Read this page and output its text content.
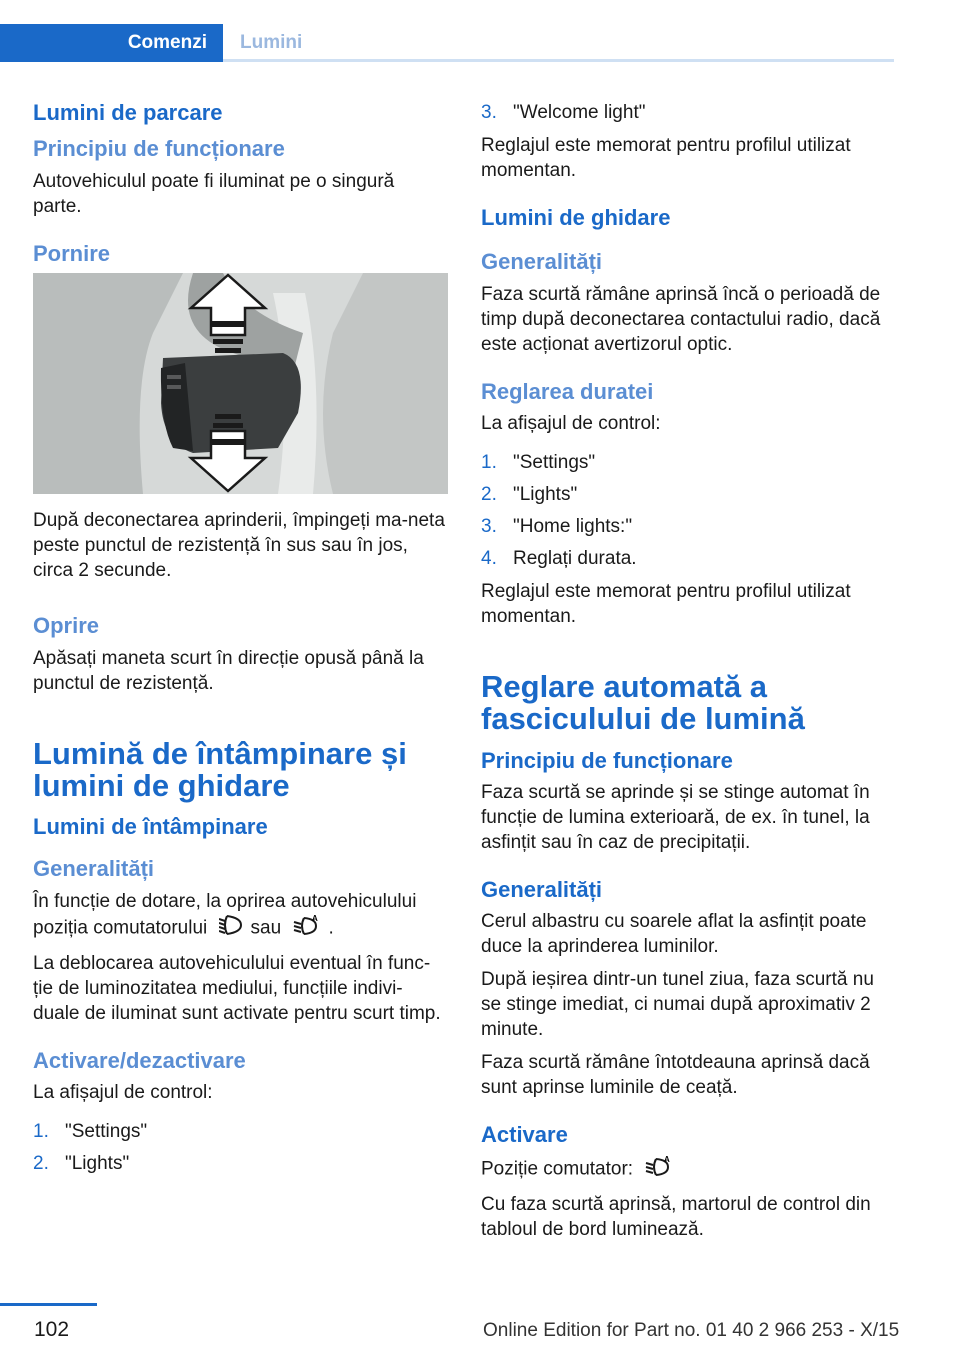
Comenzi	Lumini
Lumini de parcare
Principiu de funcționare

Autovehiculul poate fi iluminat pe o singură parte.

Pornire

După deconectarea aprinderii, împingeți ma‐neta peste punctul de rezistență în sus sau în jos, circa 2 secunde.

Oprire

Apăsați maneta scurt în direcție opusă până la punctul de rezistență.

Lumină de întâmpinare și lumini de ghidare
Lumini de întâmpinare
Generalități

În funcție de dotare, la oprirea autovehiculului poziția comutatorului sau	A .

La deblocarea autovehiculului eventual în func‐ție de luminozitatea mediului, funcțiile indivi‐duale de iluminat sunt activate pentru scurt timp.

Activare/dezactivare

La afișajul de control:

1. "Settings"
2. "Lights"
3. "Welcome light"

Reglajul este memorat pentru profilul utilizat momentan.

Lumini de ghidare
Generalități

Faza scurtă rămâne aprinsă încă o perioadă de timp după deconectarea contactului radio, dacă este acționat avertizorul optic.

Reglarea duratei

La afișajul de control:

1. "Settings"
2. "Lights"
3. "Home lights:"
4. Reglați durata.

Reglajul este memorat pentru profilul utilizat momentan.

Reglare automată a fasciculului de lumină
Principiu de funcționare

Faza scurtă se aprinde și se stinge automat în funcție de lumina exterioară, de ex. în tunel, la asfințit sau în caz de precipitații.

Generalități

Cerul albastru cu soarele aflat la asfințit poate duce la aprinderea luminilor.

După ieșirea dintr-un tunel ziua, faza scurtă nu se stinge imediat, ci numai după aproximativ 2 minute.

Faza scurtă rămâne întotdeauna aprinsă dacă sunt aprinse luminile de ceață.

Activare

Poziție comutator:	A

Cu faza scurtă aprinsă, martorul de control din tabloul de bord luminează.

102	Online Edition for Part no. 01 40 2 966 253 - X/15
